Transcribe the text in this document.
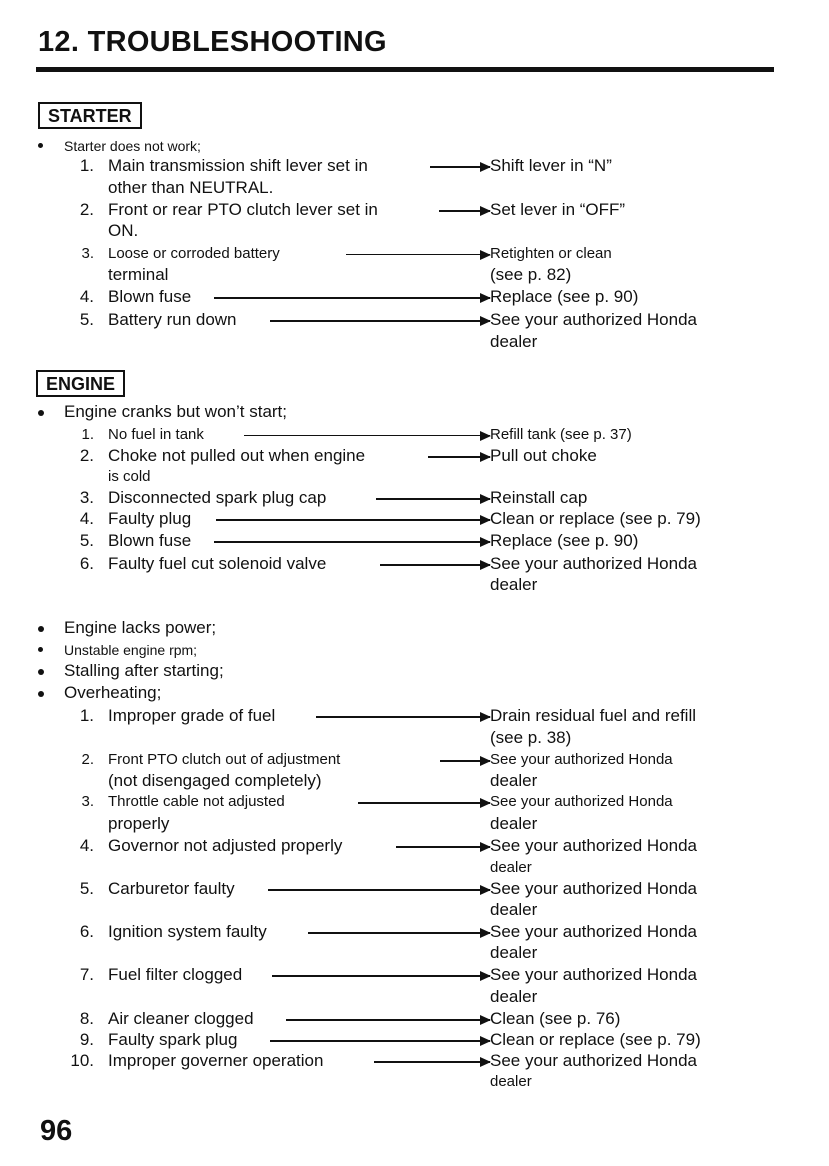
12. TROUBLESHOOTING
STARTER
Starter does not work;
1. Main transmission shift lever set in	Shift lever in “N”
other than NEUTRAL.
2. Front or rear PTO clutch lever set in	Set lever in “OFF”
ON.
3. Loose or corroded battery	Retighten or clean
terminal	(see p. 82)
4. Blown fuse	Replace (see p. 90)
5. Battery run down	See your authorized Honda
dealer
ENGINE
Engine cranks but won’t start;
1. No fuel in tank	Refill tank (see p. 37)
2. Choke not pulled out when engine	Pull out choke
is cold
3. Disconnected spark plug cap	Reinstall cap
4. Faulty plug	Clean or replace (see p. 79)
5. Blown fuse	Replace (see p. 90)
6. Faulty fuel cut solenoid valve	See your authorized Honda
dealer
Engine lacks power;
Unstable engine rpm;
Stalling after starting;
Overheating;
1. Improper grade of fuel	Drain residual fuel and refill
(see p. 38)
2. Front PTO clutch out of adjustment	See your authorized Honda
(not disengaged completely)	dealer
3. Throttle cable not adjusted	See your authorized Honda
properly	dealer
4. Governor not adjusted properly	See your authorized Honda
dealer
5. Carburetor faulty	See your authorized Honda
dealer
6. Ignition system faulty	See your authorized Honda
dealer
7. Fuel filter clogged	See your authorized Honda
dealer
8. Air cleaner clogged	Clean (see p. 76)
9. Faulty spark plug	Clean or replace (see p. 79)
10. Improper governer operation	See your authorized Honda
dealer
96
